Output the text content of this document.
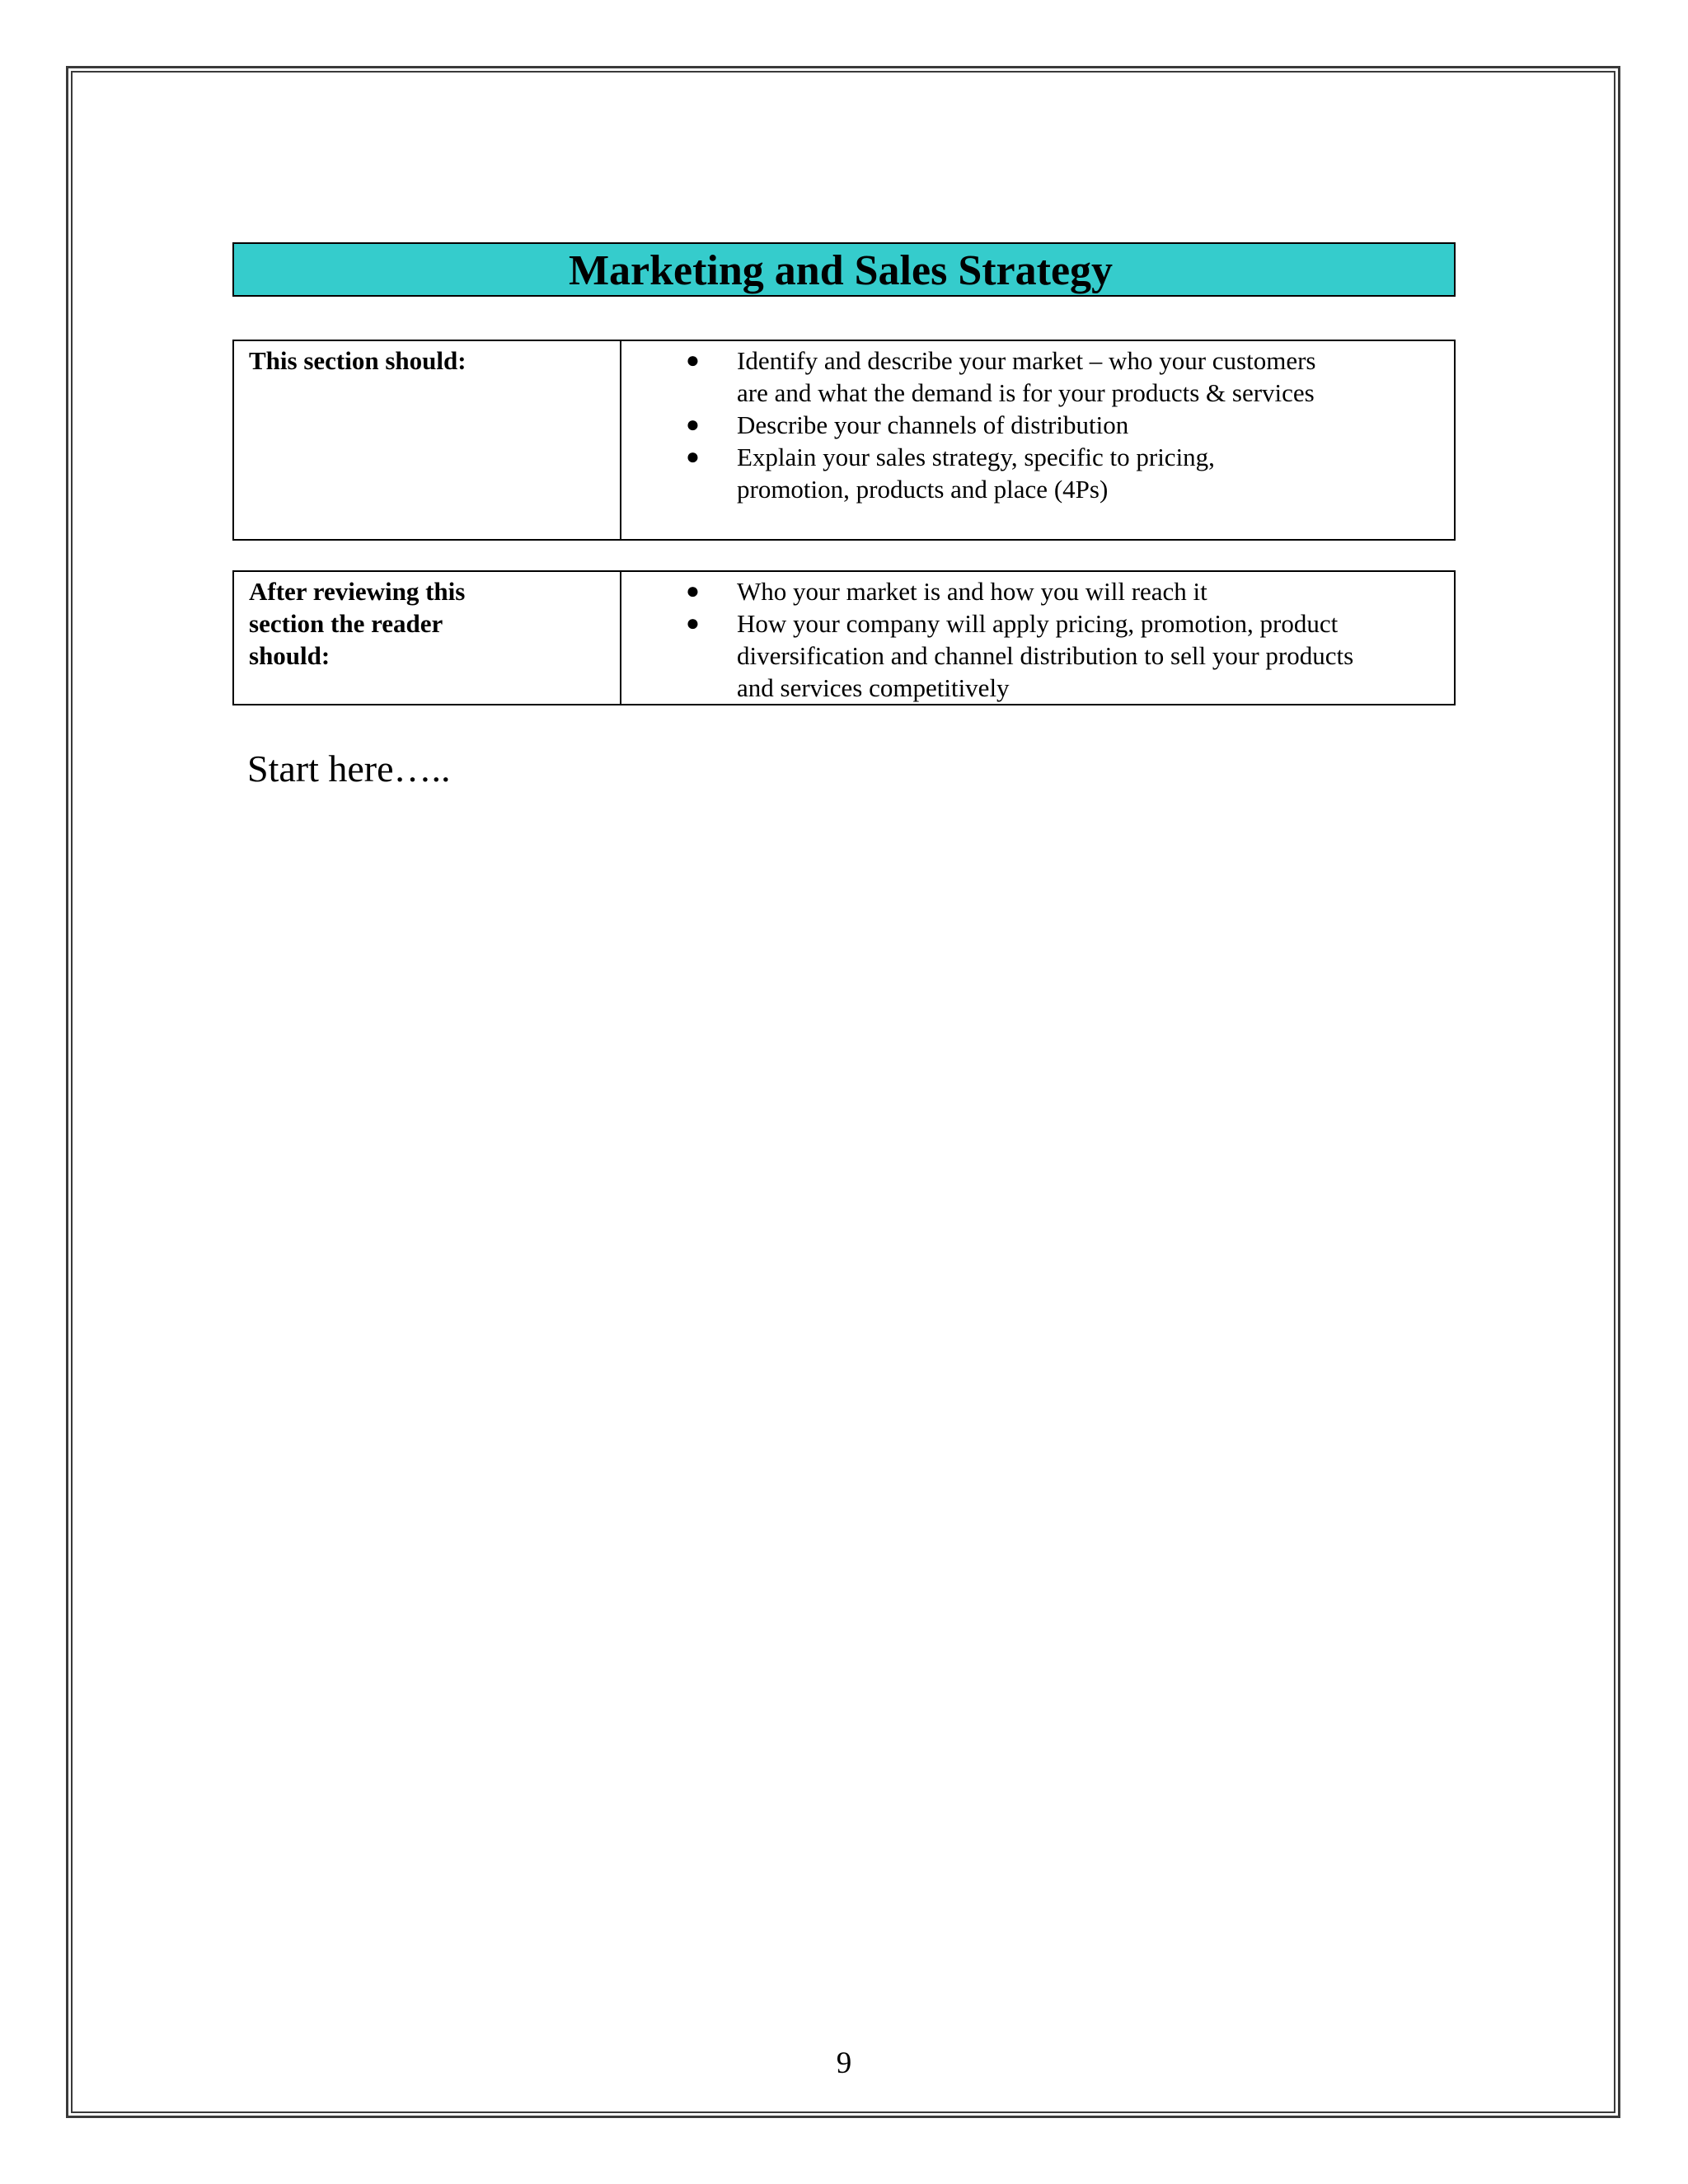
Marketing and Sales Strategy
This section should:	● Identify and describe your market – who your customers are and what the demand is for your products & services
● Describe your channels of distribution
● Explain your sales strategy, specific to pricing, promotion, products and place (4Ps)
After reviewing this section the reader should:
● Who your market is and how you will reach it
● How your company will apply pricing, promotion, product diversification and channel distribution to sell your products and services competitively
Start here…..
9
